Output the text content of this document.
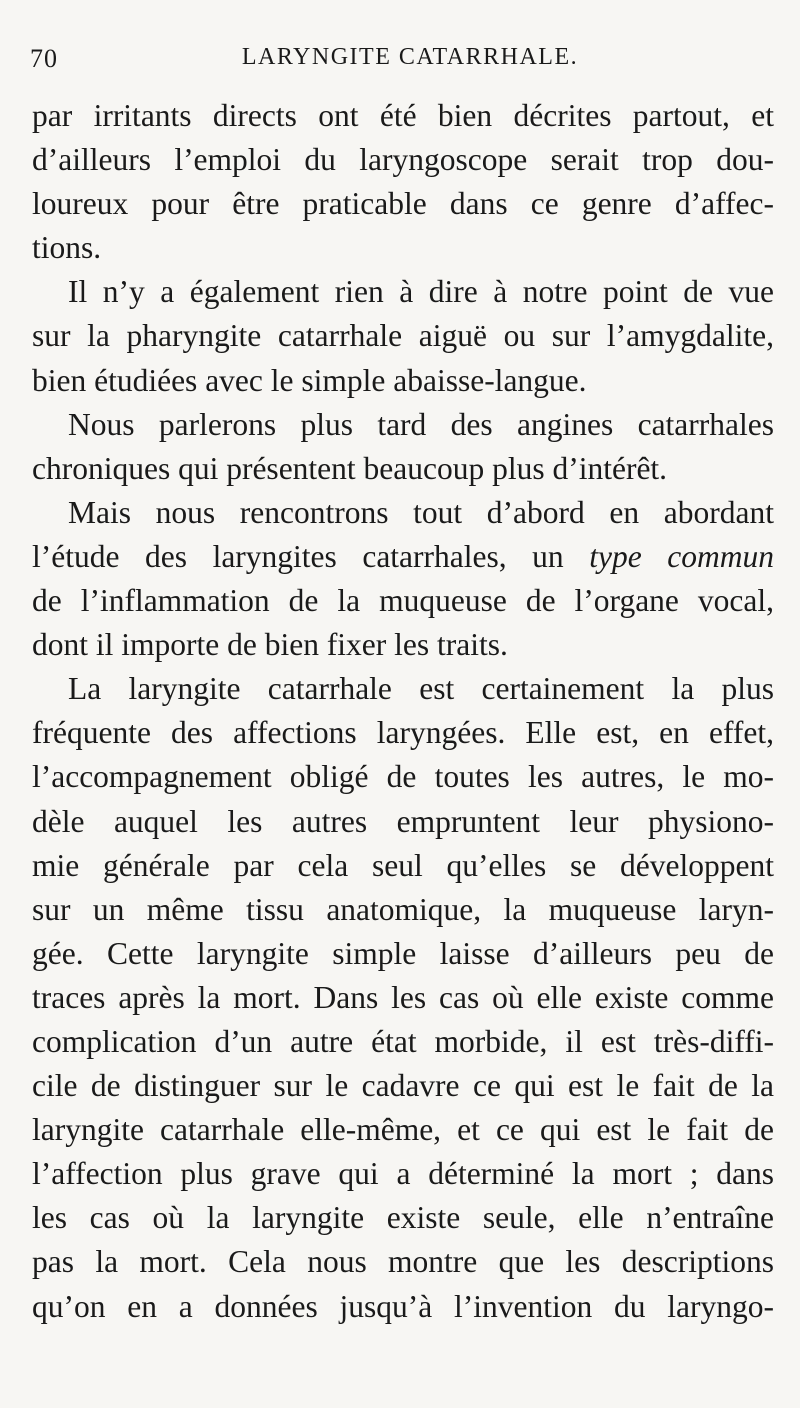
70	LARYNGITE CATARRHALE.
par irritants directs ont été bien décrites partout, et
d’ailleurs l’emploi du laryngoscope serait trop dou-
loureux pour être praticable dans ce genre d’affec-
tions.
Il n’y a également rien à dire à notre point de vue
sur la pharyngite catarrhale aiguë ou sur l’amygdalite,
bien étudiées avec le simple abaisse-langue.
Nous parlerons plus tard des angines catarrhales
chroniques qui présentent beaucoup plus d’intérêt.
Mais nous rencontrons tout d’abord en abordant
l’étude des laryngites catarrhales, un type commun
de l’inflammation de la muqueuse de l’organe vocal,
dont il importe de bien fixer les traits.
La laryngite catarrhale est certainement la plus
fréquente des affections laryngées. Elle est, en effet,
l’accompagnement obligé de toutes les autres, le mo-
dèle auquel les autres empruntent leur physiono-
mie générale par cela seul qu’elles se développent
sur un même tissu anatomique, la muqueuse laryn-
gée. Cette laryngite simple laisse d’ailleurs peu de
traces après la mort. Dans les cas où elle existe comme
complication d’un autre état morbide, il est très-diffi-
cile de distinguer sur le cadavre ce qui est le fait de la
laryngite catarrhale elle-même, et ce qui est le fait de
l’affection plus grave qui a déterminé la mort ; dans
les cas où la laryngite existe seule, elle n’entraîne
pas la mort. Cela nous montre que les descriptions
qu’on en a données jusqu’à l’invention du laryngo-
